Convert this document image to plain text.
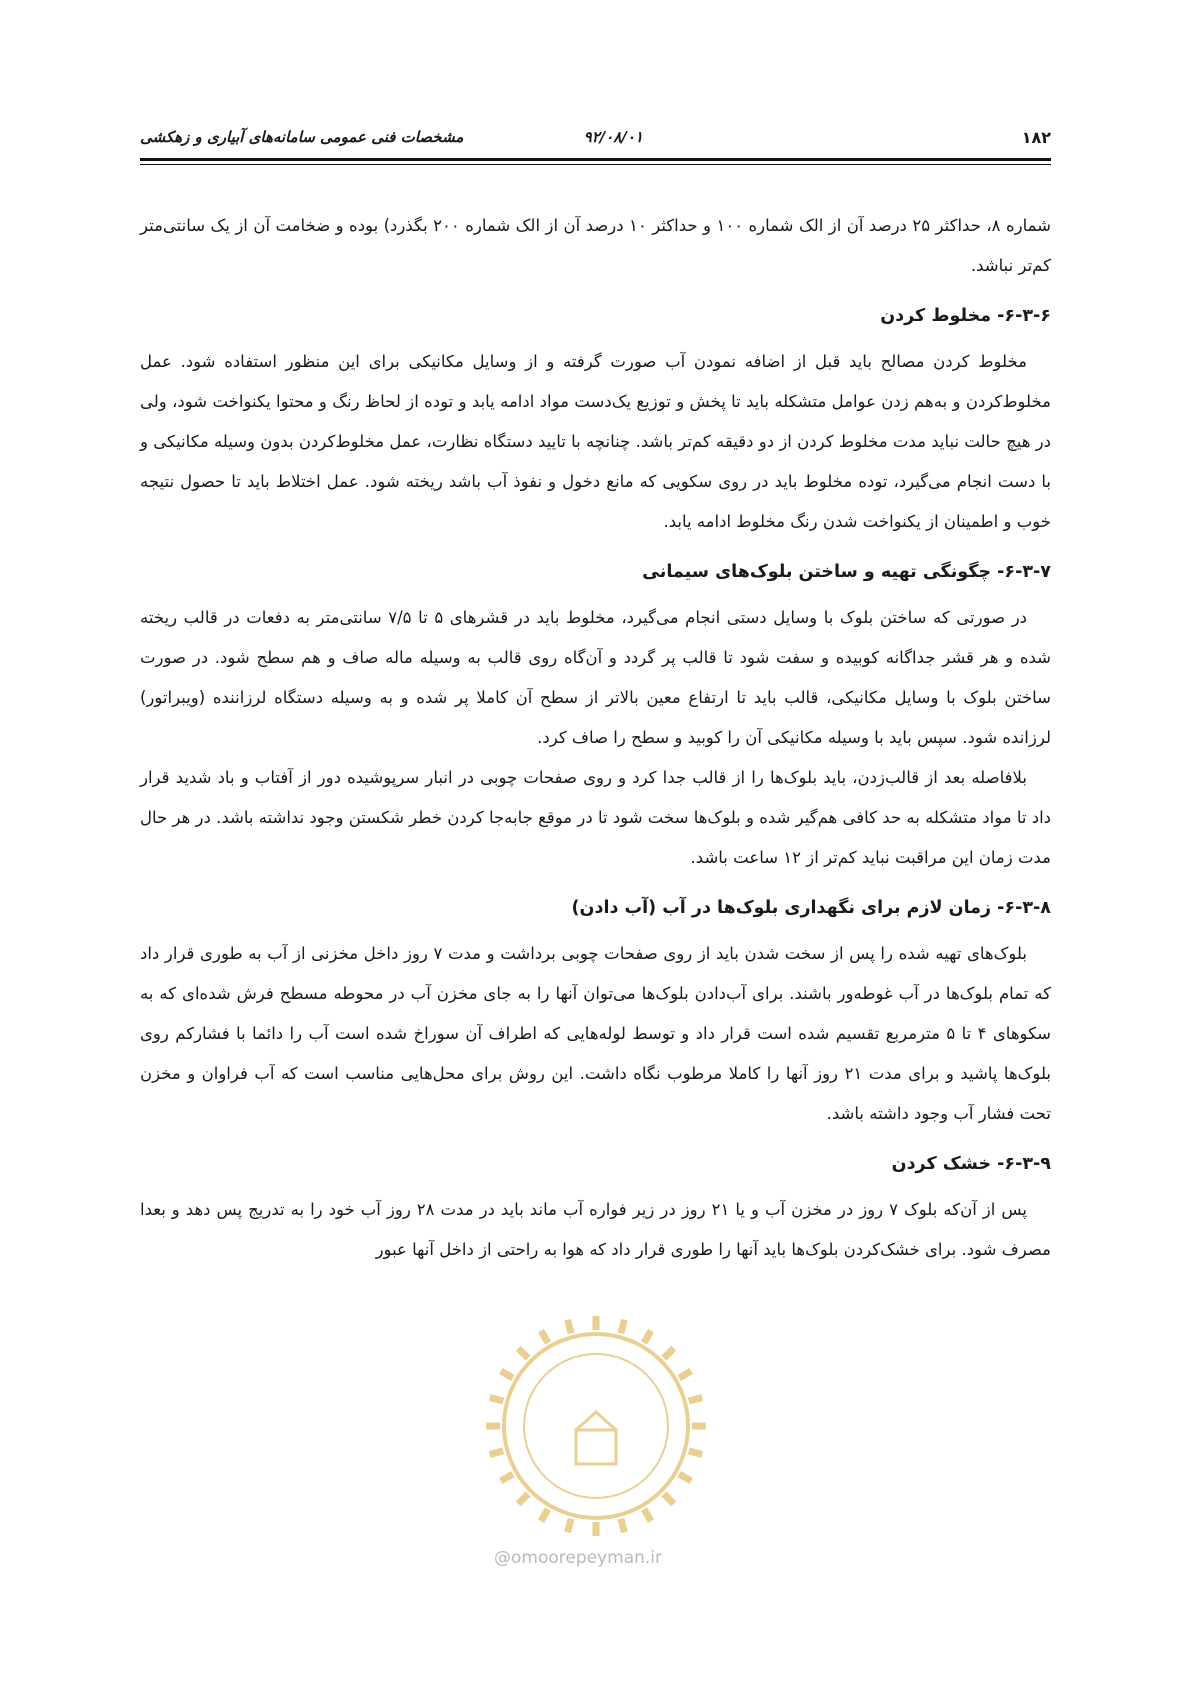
۱۸۲
۹۲/۰۸/۰۱
مشخصات فنی عمومی سامانه‌های آبیاری و زهکشی

شماره ۸، حداکثر ۲۵ درصد آن از الک شماره ۱۰۰ و حداکثر ۱۰ درصد آن از الک شماره ۲۰۰ بگذرد) بوده و ضخامت آن از یک سانتی‌متر کم‌تر نباشد.

۶-۳-۶- مخلوط کردن

مخلوط کردن مصالح باید قبل از اضافه نمودن آب صورت گرفته و از وسایل مکانیکی برای این منظور استفاده شود. عمل مخلوط‌کردن و به‌هم زدن عوامل متشکله باید تا پخش و توزیع یک‌دست مواد ادامه یابد و توده از لحاظ رنگ و محتوا یکنواخت شود، ولی در هیچ حالت نباید مدت مخلوط کردن از دو دقیقه کم‌تر باشد. چنانچه با تایید دستگاه نظارت، عمل مخلوط‌کردن بدون وسیله مکانیکی و با دست انجام می‌گیرد، توده مخلوط باید در روی سکویی که مانع دخول و نفوذ آب باشد ریخته شود. عمل اختلاط باید تا حصول نتیجه خوب و اطمینان از یکنواخت شدن رنگ مخلوط ادامه یابد.

۶-۳-۷- چگونگی تهیه و ساختن بلوک‌های سیمانی

در صورتی که ساختن بلوک با وسایل دستی انجام می‌گیرد، مخلوط باید در قشرهای ۵ تا ۷/۵ سانتی‌متر به دفعات در قالب ریخته شده و هر قشر جداگانه کوبیده و سفت شود تا قالب پر گردد و آن‌گاه روی قالب به وسیله ماله صاف و هم سطح شود. در صورت ساختن بلوک با وسایل مکانیکی، قالب باید تا ارتفاع معین بالاتر از سطح آن کاملا پر شده و به وسیله دستگاه لرزاننده (ویبراتور) لرزانده شود. سپس باید با وسیله مکانیکی آن را کوبید و سطح را صاف کرد.

بلافاصله بعد از قالب‌زدن، باید بلوک‌ها را از قالب جدا کرد و روی صفحات چوبی در انبار سرپوشیده دور از آفتاب و باد شدید قرار داد تا مواد متشکله به حد کافی هم‌گیر شده و بلوک‌ها سخت شود تا در موقع جابه‌جا کردن خطر شکستن وجود نداشته باشد. در هر حال مدت زمان این مراقبت نباید کم‌تر از ۱۲ ساعت باشد.

۶-۳-۸- زمان لازم برای نگهداری بلوک‌ها در آب (آب دادن)

بلوک‌های تهیه شده را پس از سخت شدن باید از روی صفحات چوبی برداشت و مدت ۷ روز داخل مخزنی از آب به طوری قرار داد که تمام بلوک‌ها در آب غوطه‌ور باشند. برای آب‌دادن بلوک‌ها می‌توان آنها را به جای مخزن آب در محوطه مسطح فرش شده‌ای که به سکوهای ۴ تا ۵ مترمربع تقسیم شده است قرار داد و توسط لوله‌هایی که اطراف آن سوراخ شده است آب را دائما با فشارکم روی بلوک‌ها پاشید و برای مدت ۲۱ روز آنها را کاملا مرطوب نگاه داشت. این روش برای محل‌هایی مناسب است که آب فراوان و مخزن تحت فشار آب وجود داشته باشد.

۶-۳-۹- خشک کردن

پس از آن‌که بلوک ۷ روز در مخزن آب و یا ۲۱ روز در زیر فواره آب ماند باید در مدت ۲۸ روز آب خود را به تدریج پس دهد و بعدا مصرف شود. برای خشک‌کردن بلوک‌ها باید آنها را طوری قرار داد که هوا به راحتی از داخل آنها عبور

@omoorepeyman.ir
